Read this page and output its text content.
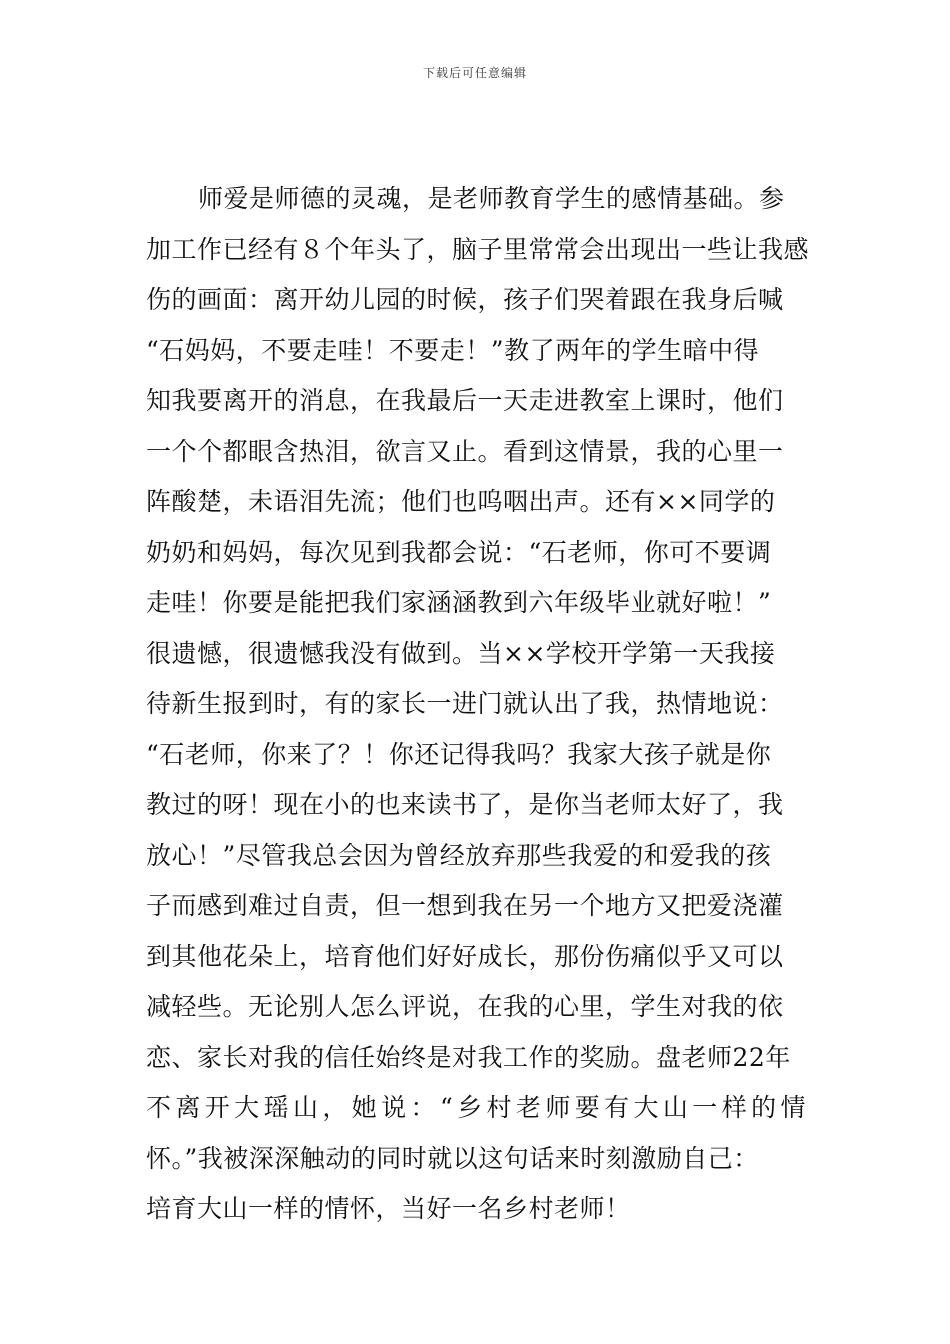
下载后可任意编辑
师爱是师德的灵魂，是老师教育学生的感情基础。参
加工作已经有８个年头了，脑子里常常会出现出一些让我感
伤的画面：离开幼儿园的时候，孩子们哭着跟在我身后喊
“石妈妈，不要走哇！不要走！”教了两年的学生暗中得
知我要离开的消息，在我最后一天走进教室上课时，他们
一个个都眼含热泪，欲言又止。看到这情景，我的心里一
阵酸楚，未语泪先流；他们也呜咽出声。还有××同学的
奶奶和妈妈，每次见到我都会说：“石老师，你可不要调
走哇！你要是能把我们家涵涵教到六年级毕业就好啦！”
很遗憾，很遗憾我没有做到。当××学校开学第一天我接
待新生报到时，有的家长一进门就认出了我，热情地说：
“石老师，你来了？！你还记得我吗？我家大孩子就是你
教过的呀！现在小的也来读书了，是你当老师太好了，我
放心！”尽管我总会因为曾经放弃那些我爱的和爱我的孩
子而感到难过自责，但一想到我在另一个地方又把爱浇灌
到其他花朵上，培育他们好好成长，那份伤痛似乎又可以
减轻些。无论别人怎么评说，在我的心里，学生对我的依
恋、家长对我的信任始终是对我工作的奖励。盘老师22年
不离开大瑶山，她说：“乡村老师要有大山一样的情
怀。”我被深深触动的同时就以这句话来时刻激励自己：
培育大山一样的情怀，当好一名乡村老师！
